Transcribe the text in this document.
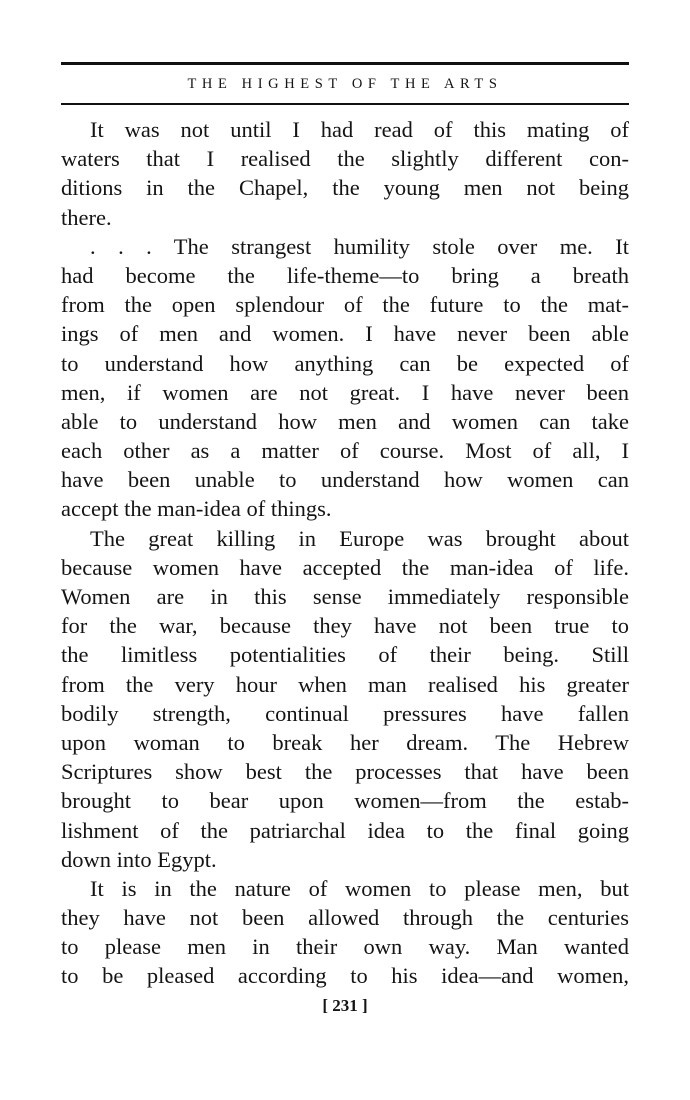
THE HIGHEST OF THE ARTS
It was not until I had read of this mating of
waters that I realised the slightly different con-
ditions in the Chapel, the young men not being
there.
. . . The strangest humility stole over me. It
had become the life-theme—to bring a breath
from the open splendour of the future to the mat-
ings of men and women. I have never been able
to understand how anything can be expected of
men, if women are not great. I have never been
able to understand how men and women can take
each other as a matter of course. Most of all, I
have been unable to understand how women can
accept the man-idea of things.
The great killing in Europe was brought about
because women have accepted the man-idea of life.
Women are in this sense immediately responsible
for the war, because they have not been true to
the limitless potentialities of their being. Still
from the very hour when man realised his greater
bodily strength, continual pressures have fallen
upon woman to break her dream. The Hebrew
Scriptures show best the processes that have been
brought to bear upon women—from the estab-
lishment of the patriarchal idea to the final going
down into Egypt.
It is in the nature of women to please men, but
they have not been allowed through the centuries
to please men in their own way. Man wanted
to be pleased according to his idea—and women,
[ 231 ]
